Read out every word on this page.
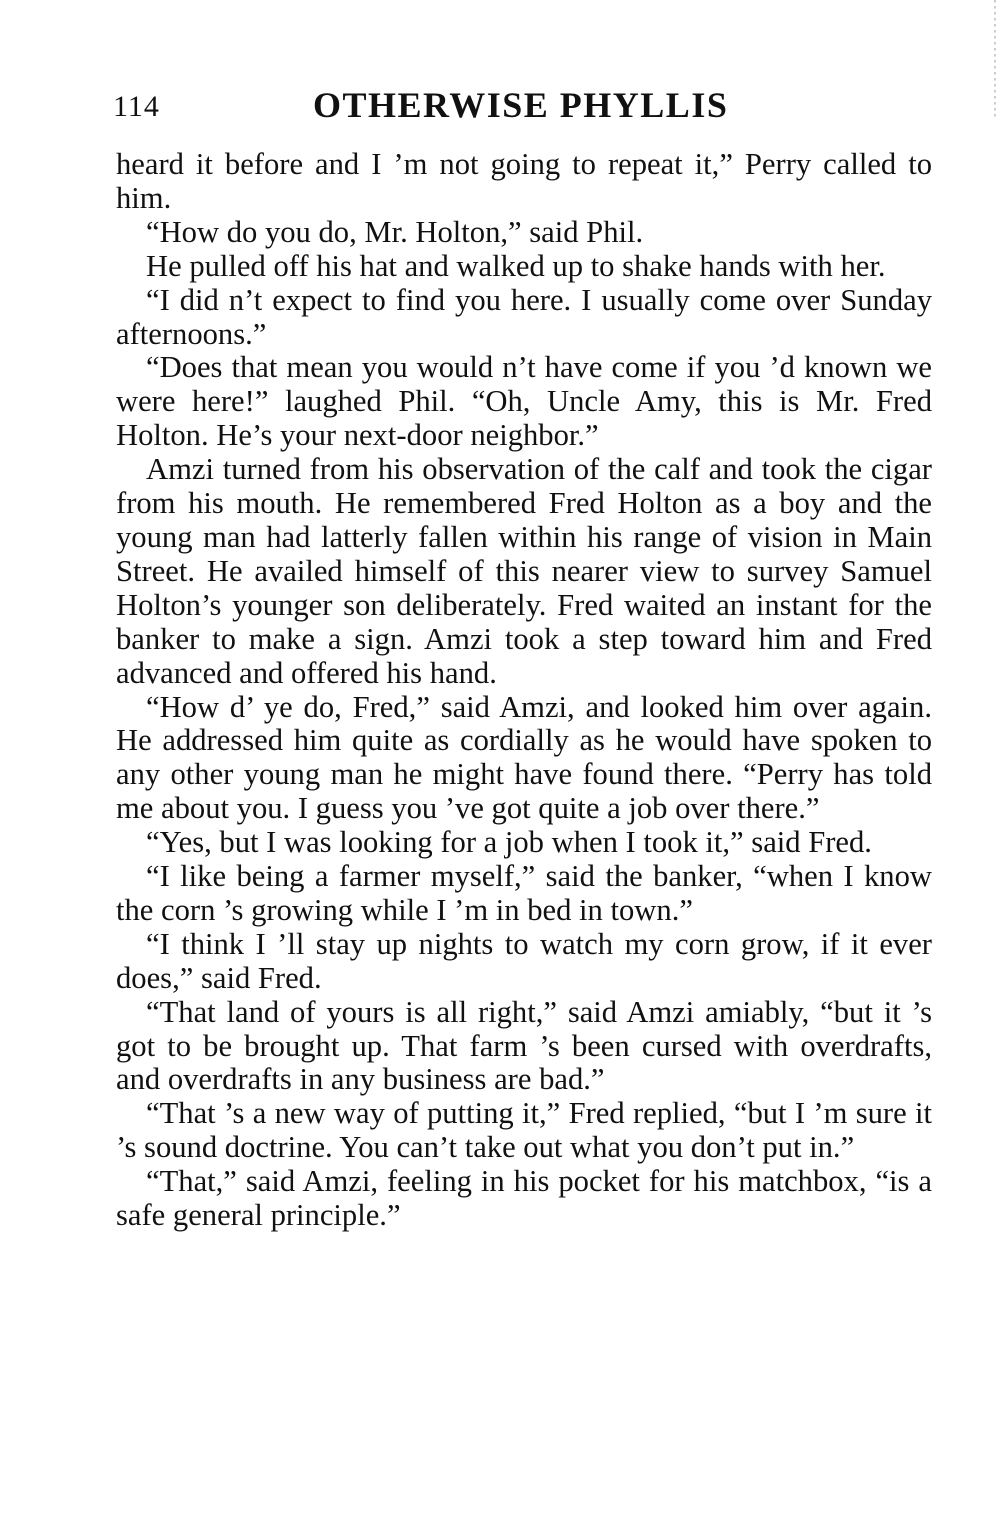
114	OTHERWISE PHYLLIS

heard it before and I ’m not going to repeat it,” Perry called to him.

“How do you do, Mr. Holton,” said Phil.

He pulled off his hat and walked up to shake hands with her.

“I did n’t expect to find you here. I usually come over Sunday afternoons.”

“Does that mean you would n’t have come if you ’d known we were here!” laughed Phil. “Oh, Uncle Amy, this is Mr. Fred Holton. He’s your next-door neighbor.”

Amzi turned from his observation of the calf and took the cigar from his mouth. He remembered Fred Holton as a boy and the young man had latterly fallen within his range of vision in Main Street. He availed himself of this nearer view to survey Samuel Holton’s younger son deliberately. Fred waited an instant for the banker to make a sign. Amzi took a step toward him and Fred advanced and offered his hand.

“How d’ ye do, Fred,” said Amzi, and looked him over again. He addressed him quite as cordially as he would have spoken to any other young man he might have found there. “Perry has told me about you. I guess you ’ve got quite a job over there.”

“Yes, but I was looking for a job when I took it,” said Fred.

“I like being a farmer myself,” said the banker, “when I know the corn ’s growing while I ’m in bed in town.”

“I think I ’ll stay up nights to watch my corn grow, if it ever does,” said Fred.

“That land of yours is all right,” said Amzi amiably, “but it ’s got to be brought up. That farm ’s been cursed with overdrafts, and overdrafts in any business are bad.”

“That ’s a new way of putting it,” Fred replied, “but I ’m sure it ’s sound doctrine. You can’t take out what you don’t put in.”

“That,” said Amzi, feeling in his pocket for his matchbox, “is a safe general principle.”
